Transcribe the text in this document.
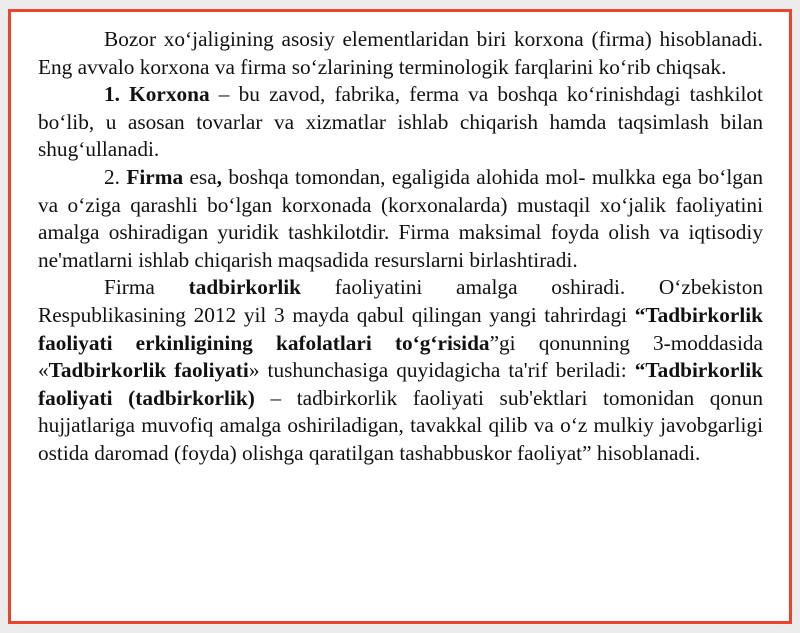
Bozor xo‘jaligining asosiy elementlaridan biri korxona (firma) hisoblanadi. Eng avvalo korxona va firma so‘zlarining terminologik farqlarini ko‘rib chiqsak.

1. Korxona – bu zavod, fabrika, ferma va boshqa ko‘rinishdagi tashkilot bo‘lib, u asosan tovarlar va xizmatlar ishlab chiqarish hamda taqsimlash bilan shug‘ullanadi.

2. Firma esa, boshqa tomondan, egaligida alohida mol- mulkka ega bo‘lgan va o‘ziga qarashli bo‘lgan korxonada (korxonalarda) mustaqil xo‘jalik faoliyatini amalga oshiradigan yuridik tashkilotdir. Firma maksimal foyda olish va iqtisodiy ne'matlarni ishlab chiqarish maqsadida resurslarni birlashtiradi.

Firma tadbirkorlik faoliyatini amalga oshiradi. O‘zbekiston Respublikasining 2012 yil 3 mayda qabul qilingan yangi tahrirdagi “Tadbirkorlik faoliyati erkinligining kafolatlari to‘g‘risida”gi qonunning 3-moddasida «Tadbirkorlik faoliyati» tushunchasiga quyidagicha ta'rif beriladi: “Tadbirkorlik faoliyati (tadbirkorlik) – tadbirkorlik faoliyati sub'ektlari tomonidan qonun hujjatlariga muvofiq amalga oshiriladigan, tavakkal qilib va o‘z mulkiy javobgarligi ostida daromad (foyda) olishga qaratilgan tashabbuskor faoliyat” hisoblanadi.
